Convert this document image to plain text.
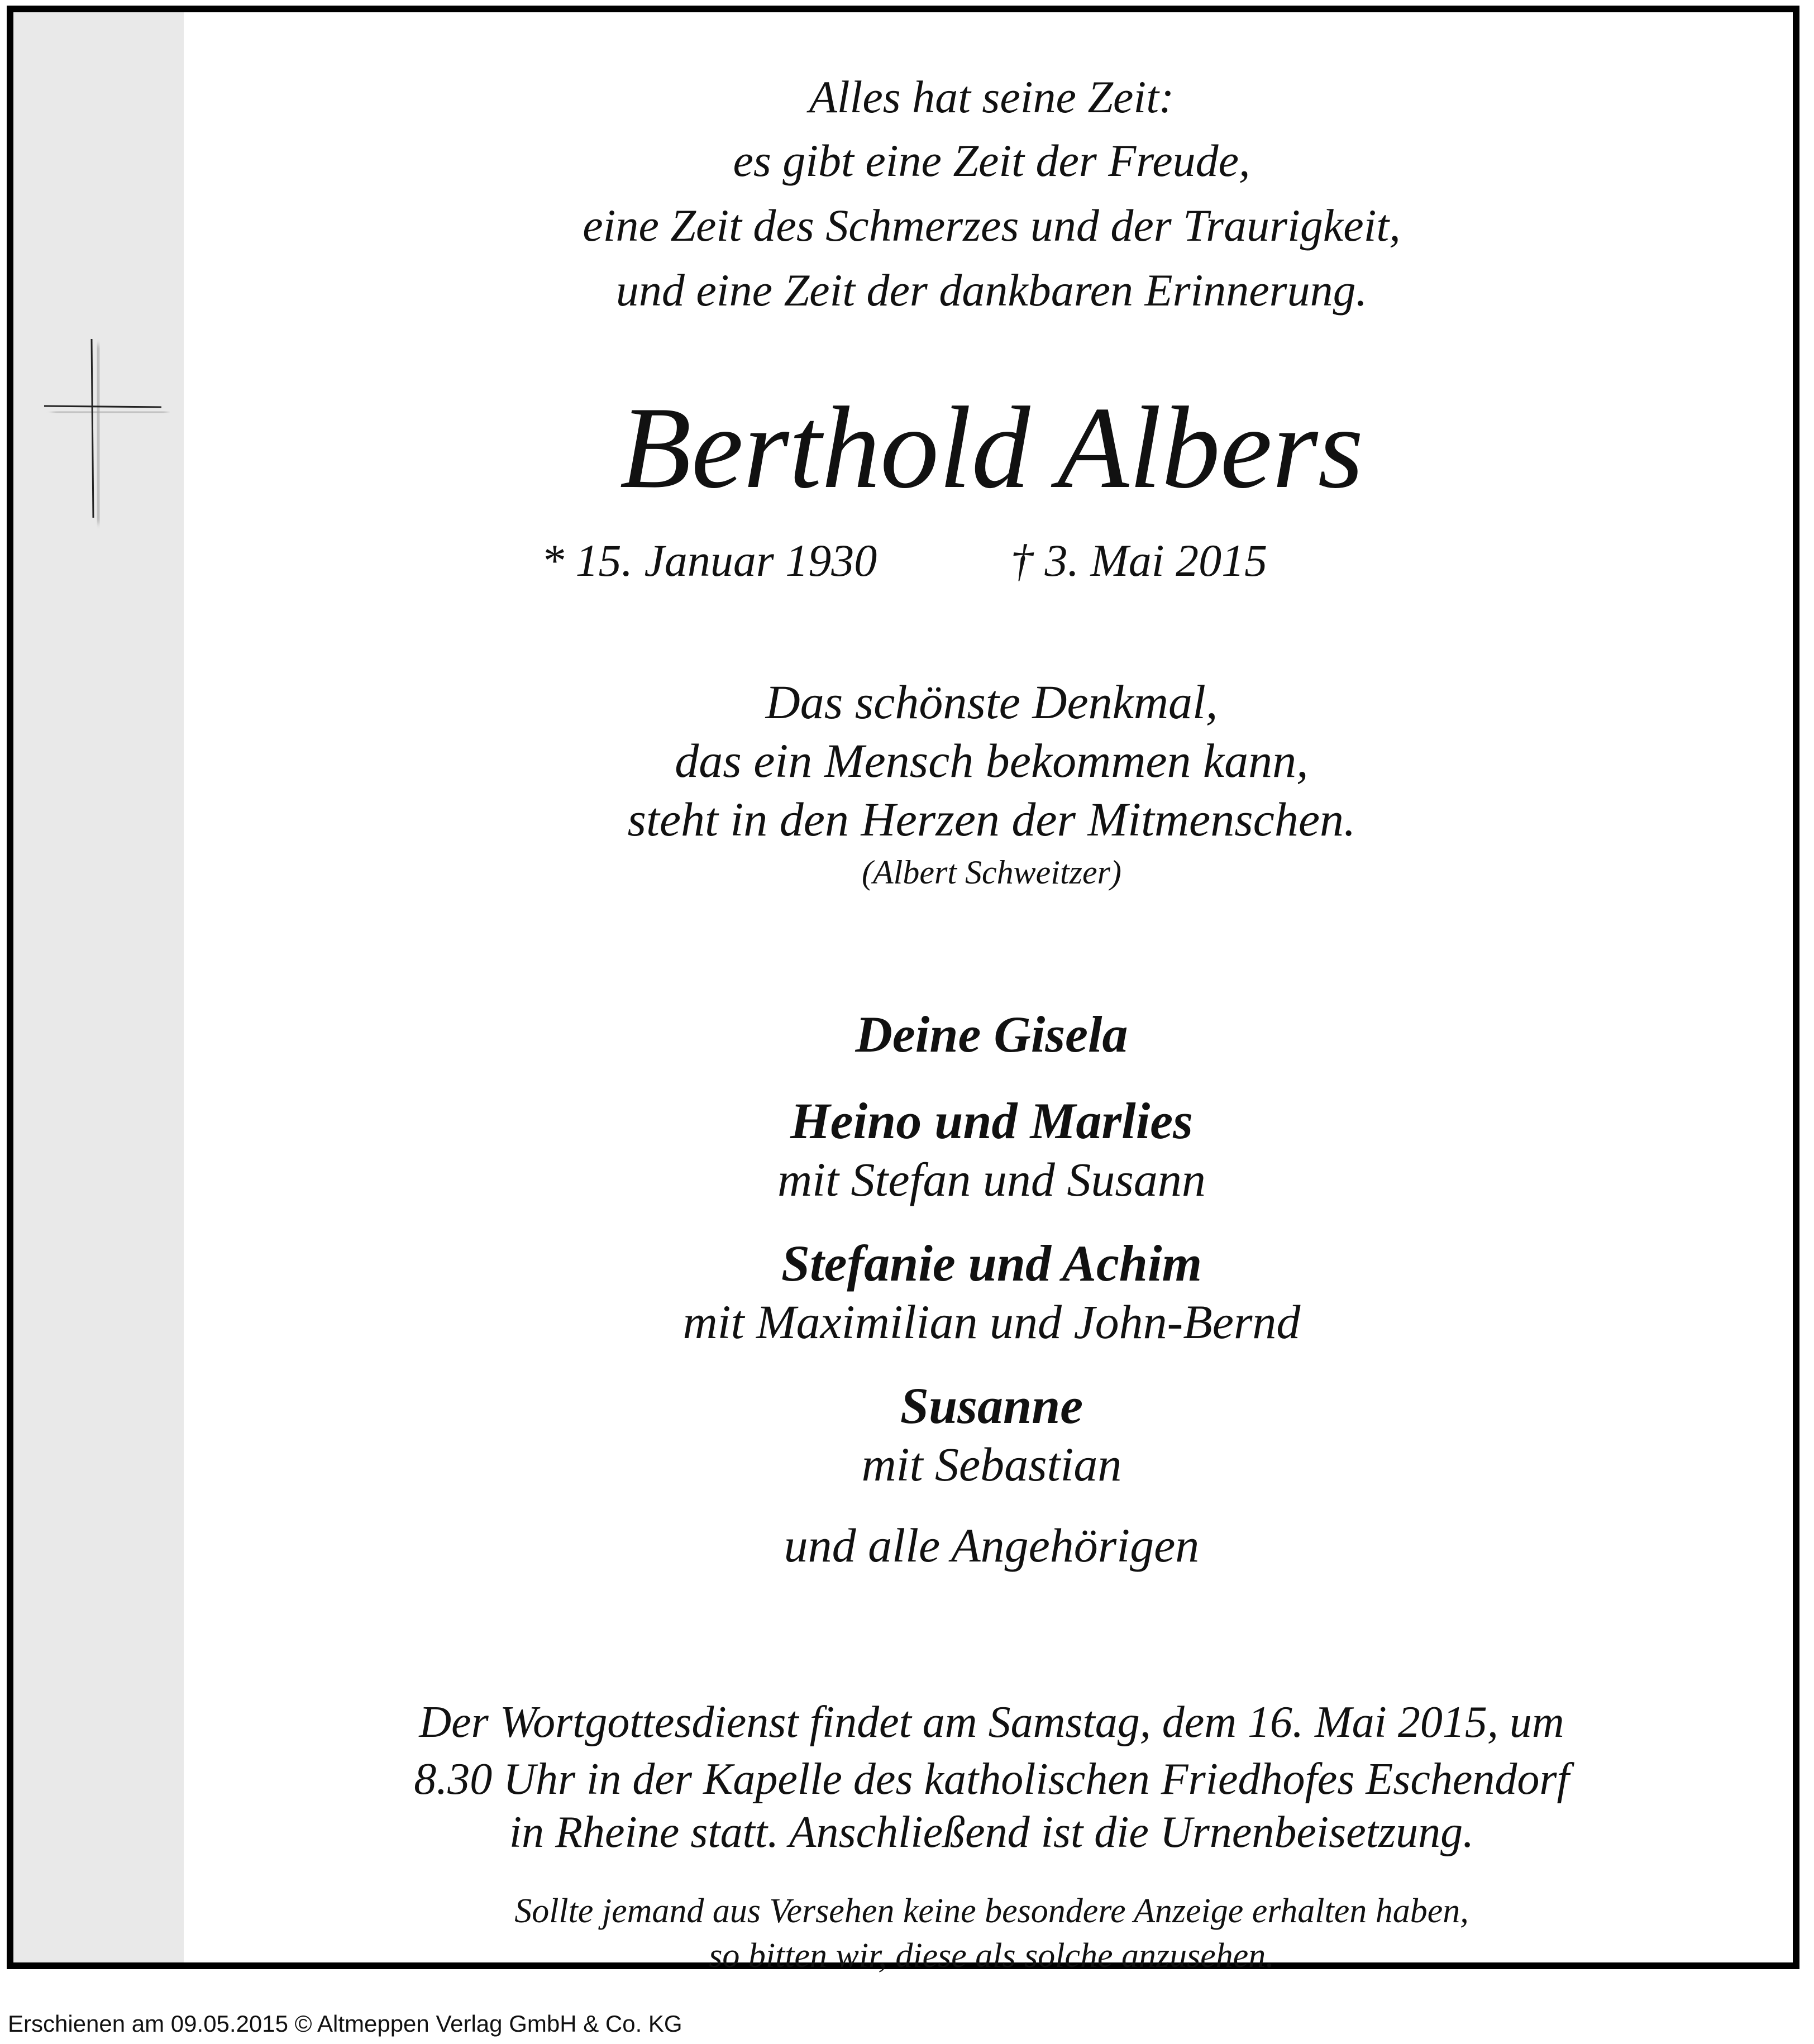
Alles hat seine Zeit:
es gibt eine Zeit der Freude,
eine Zeit des Schmerzes und der Traurigkeit,
und eine Zeit der dankbaren Erinnerung.
Berthold Albers
* 15. Januar 1930	† 3. Mai 2015
Das schönste Denkmal,
das ein Mensch bekommen kann,
steht in den Herzen der Mitmenschen.
(Albert Schweitzer)
Deine Gisela
Heino und Marlies
mit Stefan und Susann
Stefanie und Achim
mit Maximilian und John-Bernd
Susanne
mit Sebastian
und alle Angehörigen
Der Wortgottesdienst findet am Samstag, dem 16. Mai 2015, um
8.30 Uhr in der Kapelle des katholischen Friedhofes Eschendorf
in Rheine statt. Anschließend ist die Urnenbeisetzung.
Sollte jemand aus Versehen keine besondere Anzeige erhalten haben,
so bitten wir, diese als solche anzusehen.
Erschienen am 09.05.2015 © Altmeppen Verlag GmbH & Co. KG
